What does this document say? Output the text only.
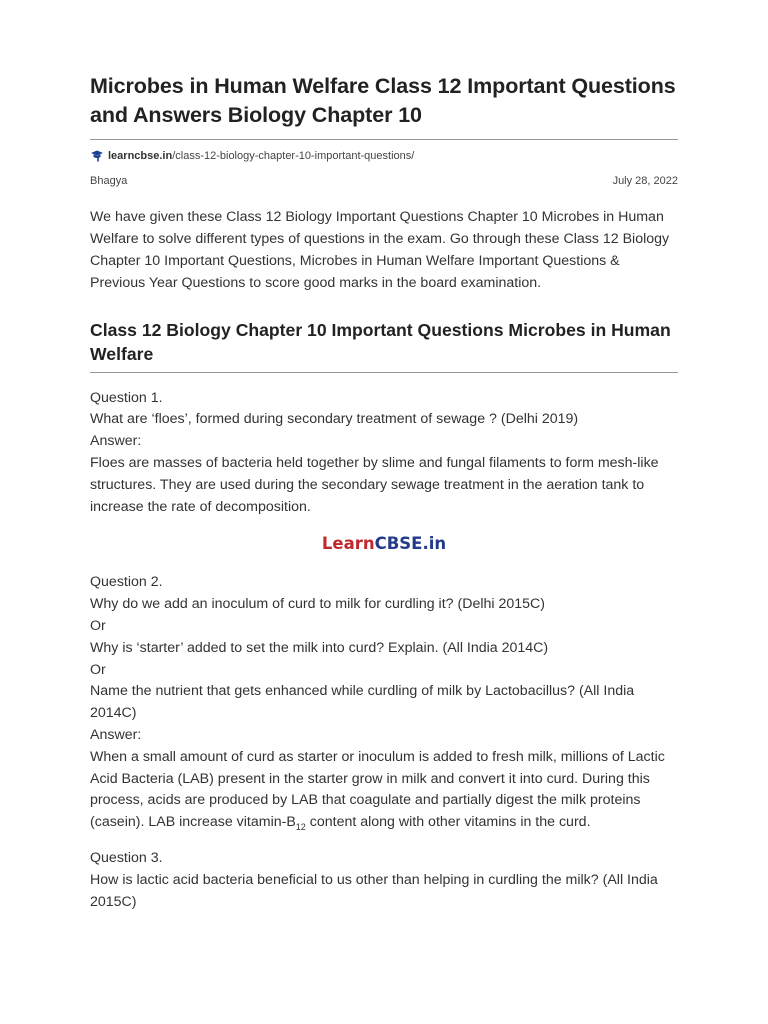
Microbes in Human Welfare Class 12 Important Questions and Answers Biology Chapter 10
learncbse.in /class-12-biology-chapter-10-important-questions/
Bhagya	July 28, 2022

We have given these Class 12 Biology Important Questions Chapter 10 Microbes in Human Welfare to solve different types of questions in the exam. Go through these Class 12 Biology Chapter 10 Important Questions, Microbes in Human Welfare Important Questions & Previous Year Questions to score good marks in the board examination.

Class 12 Biology Chapter 10 Important Questions Microbes in Human Welfare

Question 1.

What are ‘floes’, formed during secondary treatment of sewage ? (Delhi 2019)

Answer:

Floes are masses of bacteria held together by slime and fungal filaments to form mesh-like structures. They are used during the secondary sewage treatment in the aeration tank to increase the rate of decomposition.

LearnCBSE.in

Question 2.

Why do we add an inoculum of curd to milk for curdling it? (Delhi 2015C)

Or

Why is ‘starter’ added to set the milk into curd? Explain. (All India 2014C)

Or

Name the nutrient that gets enhanced while curdling of milk by Lactobacillus? (All India 2014C)

Answer:

When a small amount of curd as starter or inoculum is added to fresh milk, millions of Lactic Acid Bacteria (LAB) present in the starter grow in milk and convert it into curd. During this process, acids are produced by LAB that coagulate and partially digest the milk proteins (casein). LAB increase vitamin-$B_{12}$ content along with other vitamins in the curd.

Question 3.

How is lactic acid bacteria beneficial to us other than helping in curdling the milk? (All India 2015C)
